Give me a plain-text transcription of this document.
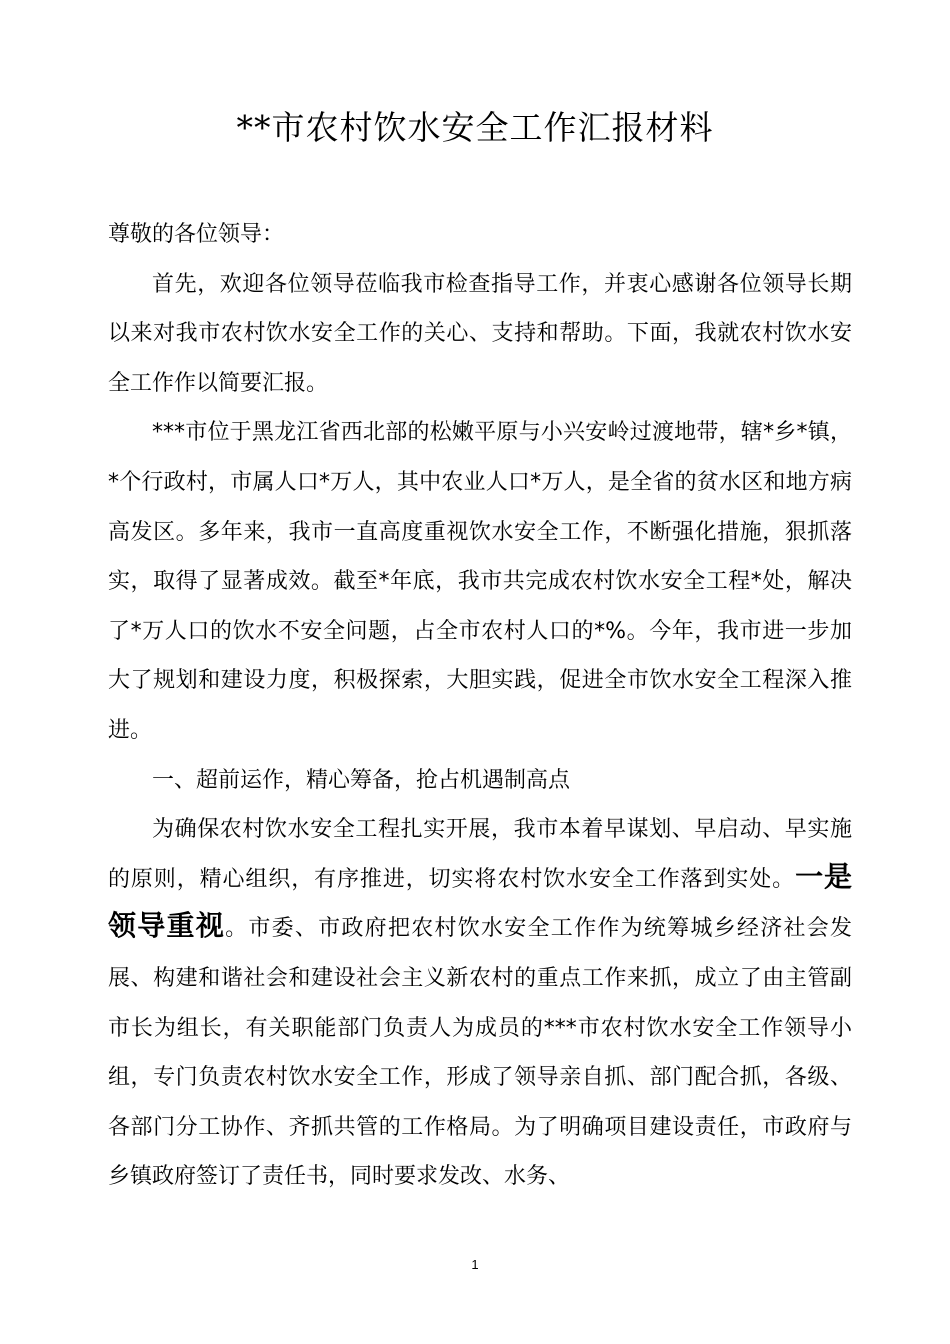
**市农村饮水安全工作汇报材料

尊敬的各位领导：

首先，欢迎各位领导莅临我市检查指导工作，并衷心感谢各位领导长期以来对我市农村饮水安全工作的关心、支持和帮助。下面，我就农村饮水安全工作作以简要汇报。

***市位于黑龙江省西北部的松嫩平原与小兴安岭过渡地带，辖*乡*镇，*个行政村，市属人口*万人，其中农业人口*万人，是全省的贫水区和地方病高发区。多年来，我市一直高度重视饮水安全工作，不断强化措施，狠抓落实，取得了显著成效。截至*年底，我市共完成农村饮水安全工程*处，解决了*万人口的饮水不安全问题，占全市农村人口的*%。今年，我市进一步加大了规划和建设力度，积极探索，大胆实践，促进全市饮水安全工程深入推进。

一、超前运作，精心筹备，抢占机遇制高点

为确保农村饮水安全工程扎实开展，我市本着早谋划、早启动、早实施的原则，精心组织，有序推进，切实将农村饮水安全工作落到实处。一是领导重视。市委、市政府把农村饮水安全工作作为统筹城乡经济社会发展、构建和谐社会和建设社会主义新农村的重点工作来抓，成立了由主管副市长为组长，有关职能部门负责人为成员的***市农村饮水安全工作领导小组，专门负责农村饮水安全工作，形成了领导亲自抓、部门配合抓，各级、各部门分工协作、齐抓共管的工作格局。为了明确项目建设责任，市政府与乡镇政府签订了责任书，同时要求发改、水务、

1
